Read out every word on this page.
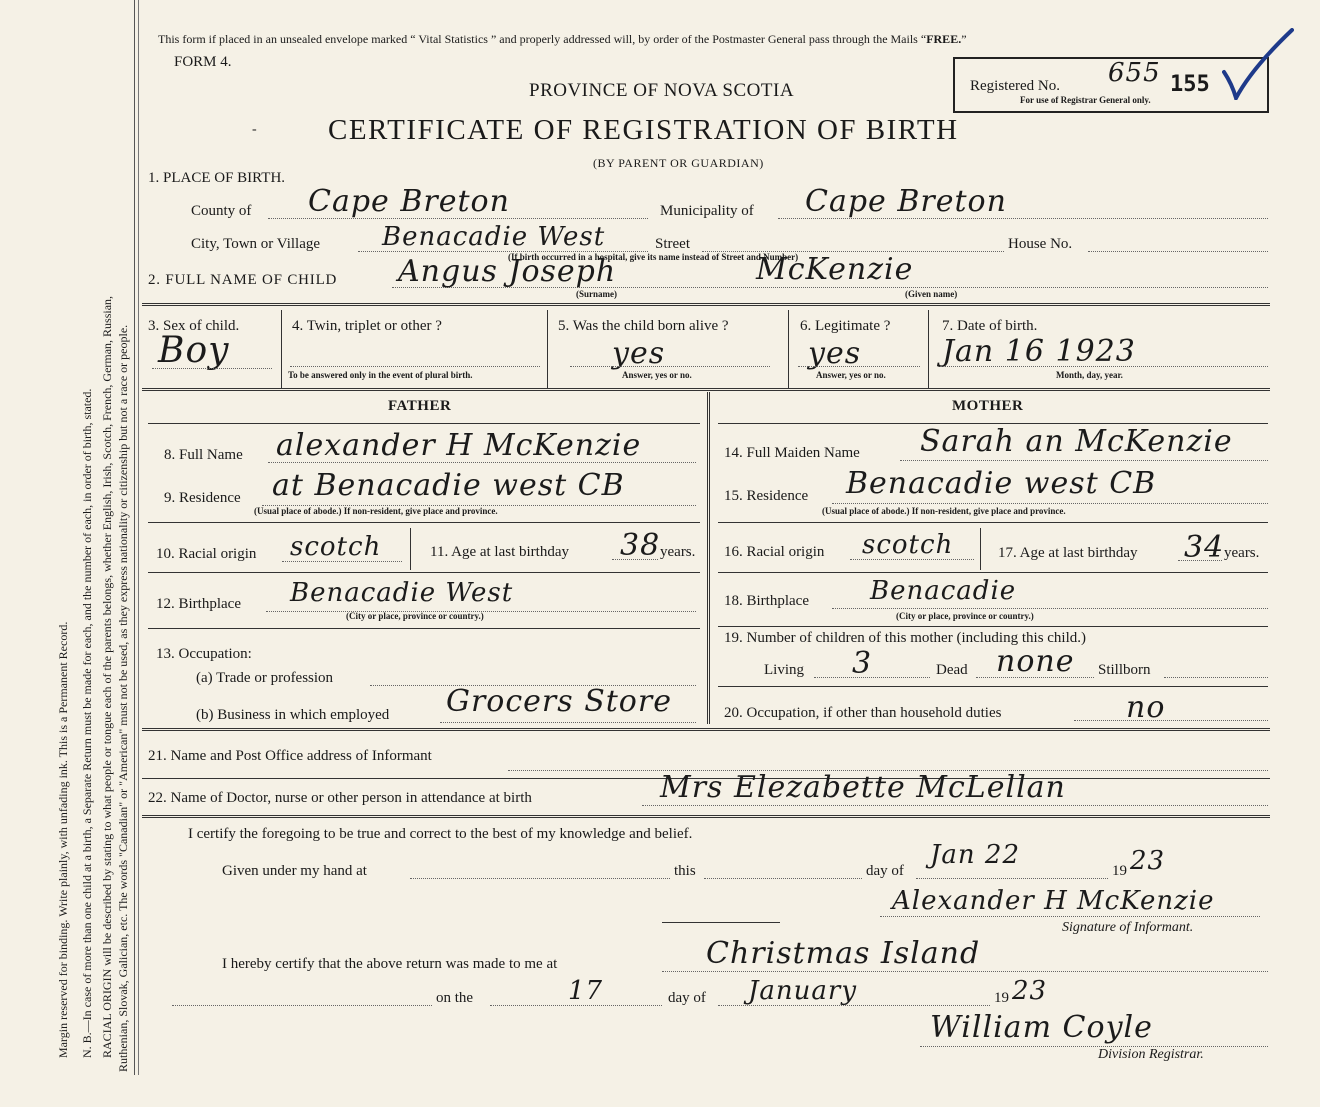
Margin reserved for binding. Write plainly, with unfading ink. This is a Permanent Record. N. B.—In case of more than one child at a birth, a Separate Return must be made for each, and the number of each, in order of birth, stated. RACIAL ORIGIN will be described by stating to what people or tongue each of the parents belongs, whether English, Irish, Scotch, French, German, Russian, Ruthenian, Slovak, Galician, etc. The words "Canadian" or "American" must not be used, as they express nationality or citizenship but not a race or people.
This form if placed in an unsealed envelope marked “ Vital Statistics ” and properly addressed will, by order of the Postmaster General pass through the Mails “FREE.”
FORM 4.
PROVINCE OF NOVA SCOTIA
- CERTIFICATE OF REGISTRATION OF BIRTH
(BY PARENT OR GUARDIAN)
Registered No. 655 155
For use of Registrar General only.
1. PLACE OF BIRTH.
County of Cape Breton	Municipality of Cape Breton
City, Town or Village Benacadie West	Street	House No.
(If birth occurred in a hospital, give its name instead of Street and Number)
2. FULL NAME OF CHILD Angus Joseph	McKenzie
(Surname)	(Given name)
3. Sex of child.
Boy
4. Twin, triplet or other ?
To be answered only in the event of plural birth.
5. Was the child born alive ?
yes
Answer, yes or no.
6. Legitimate ?
yes
Answer, yes or no.
7. Date of birth.
Jan 16 1923
Month, day, year.
FATHER	MOTHER
8. Full Name alexander H McKenzie
9. Residence at Benacadie west CB
(Usual place of abode.) If non-resident, give place and province.
10. Racial origin scotch	11. Age at last birthday 38 years.
12. Birthplace Benacadie West
(City or place, province or country.)
13. Occupation:
(a) Trade or profession
(b) Business in which employed Grocers Store
14. Full Maiden Name Sarah an McKenzie
15. Residence Benacadie west CB
(Usual place of abode.) If non-resident, give place and province.
16. Racial origin scotch	17. Age at last birthday 34 years.
18. Birthplace Benacadie
(City or place, province or country.)
19. Number of children of this mother (including this child.)
Living 3	Dead none Stillborn
20. Occupation, if other than household duties	no
21. Name and Post Office address of Informant
22. Name of Doctor, nurse or other person in attendance at birth	Mrs Elezabette McLellan
I certify the foregoing to be true and correct to the best of my knowledge and belief.
Given under my hand at	this	day of
Jan 22
19 23
Alexander H McKenzie
Signature of Informant.
I hereby certify that the above return was made to me at	Christmas Island
on the	17	day of January	19 23
William Coyle
Division Registrar.
